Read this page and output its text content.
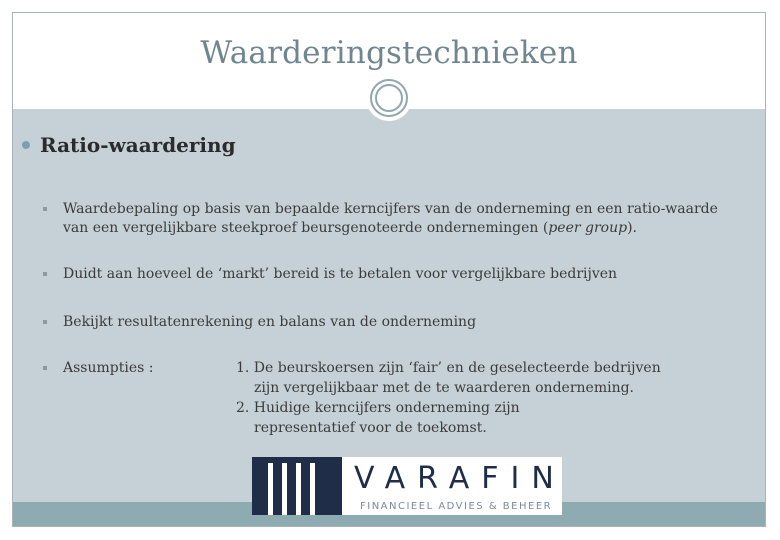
Waarderingstechnieken
Ratio-waardering
Waardebepaling op basis van bepaalde kerncijfers van de onderneming en een ratio-waarde
van een vergelijkbare steekproef beursgenoteerde ondernemingen (peer group).
Duidt aan hoeveel de ‘markt’ bereid is te betalen voor vergelijkbare bedrijven
Bekijkt resultatenrekening en balans van de onderneming
Assumpties :	1. De beurskoersen zijn ‘fair’ en de geselecteerde bedrijven
zijn vergelijkbaar met de te waarderen onderneming.
2. Huidige kerncijfers onderneming zijn
representatief voor de toekomst.
VARAFIN
FINANCIEEL ADVIES & BEHEER
